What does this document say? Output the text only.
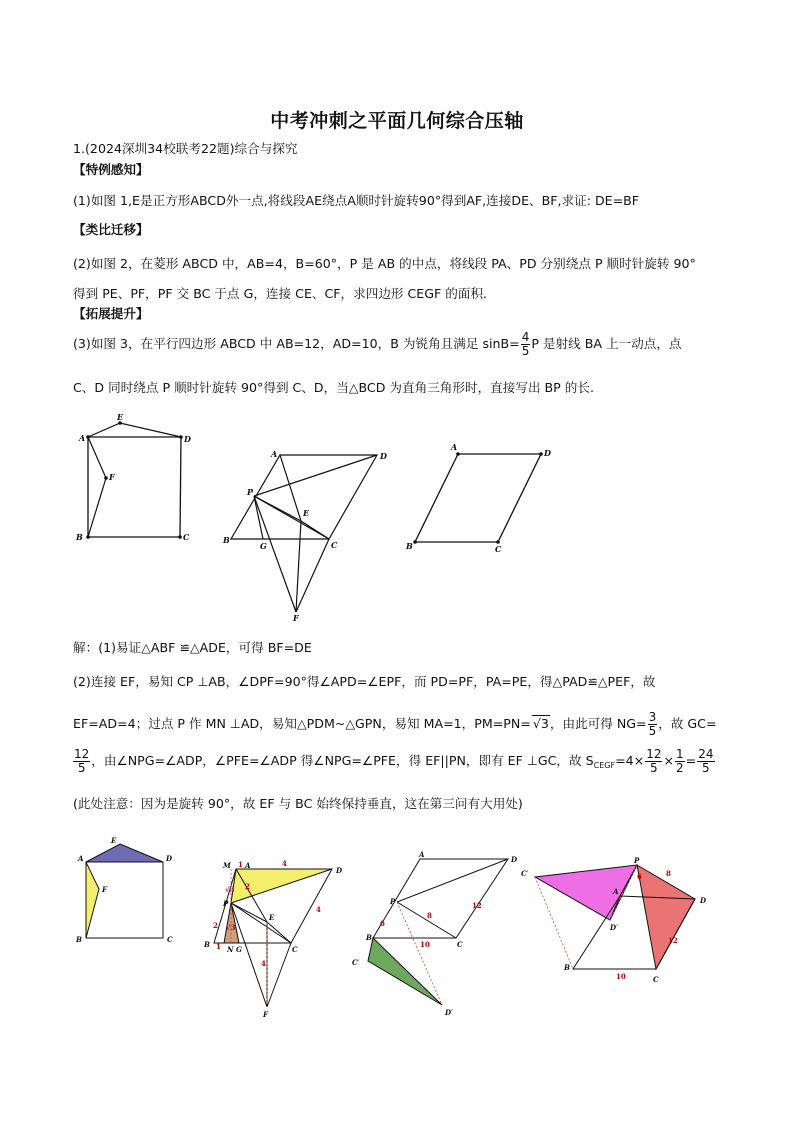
中考冲刺之平面几何综合压轴
1.(2024深圳34校联考22题)综合与探究
【特例感知】
(1)如图 1,E是正方形ABCD外一点,将线段AE绕点A顺时针旋转90°得到AF,连接DE、BF,求证: DE=BF
【类比迁移】
(2)如图 2，在菱形 ABCD 中，AB=4，B=60°，P 是 AB 的中点，将线段 PA、PD 分别绕点 P 顺时针旋转 90°
得到 PE、PF，PF 交 BC 于点 G，连接 CE、CF，求四边形 CEGF 的面积.
【拓展提升】
(3)如图 3，在平行四边形 ABCD 中 AB=12，AD=10，B 为锐角且满足 $\sin B= \frac{4}{5}$ P 是射线 BA 上一动点，点
C、D 同时绕点 P 顺时针旋转 90°得到 C、D，当△BCD 为直角三角形时，直接写出 BP 的长.
A	D
E
F
B	C
A	D
P
E
B
G	C
F
A
D
B	C
解：(1)易证△ABF ≌△ADE，可得 BF=DE
(2)连接 EF，易知 CP ⊥AB，∠DPF=90°得∠APD=∠EPF，而 PD=PF，PA=PE，得△PAD≌△PEF，故
EF=AD=4；过点 P 作 MN ⊥AD，易知△PDM~△GPN，易知 MA=1，PM=PN= √3，由此可得 $NG= \frac{3}{5}$ ，故 GC=
$\frac{12}{5}$ ，由∠NPG=∠ADP，∠PFE=∠ADP 得∠NPG=∠PFE，得 EF||PN，即有 EF ⊥GC，故 $S_{CEGF}=4\times \frac{12}{5} \times \frac{1}{2} = \frac{24}{5}$
(此处注意：因为是旋转 90°，故 EF 与 BC 始终保持垂直，这在第三问有大用处)
A	D
E
F
B	C
M A
1	4
D
2
√3
P
2 √3
E
4
B 1 N G	C
4
F
A
D
P
8
12
6
B
10	C
C′
D′
C′
P
6	8
A
D
D′
12
B
10	C
